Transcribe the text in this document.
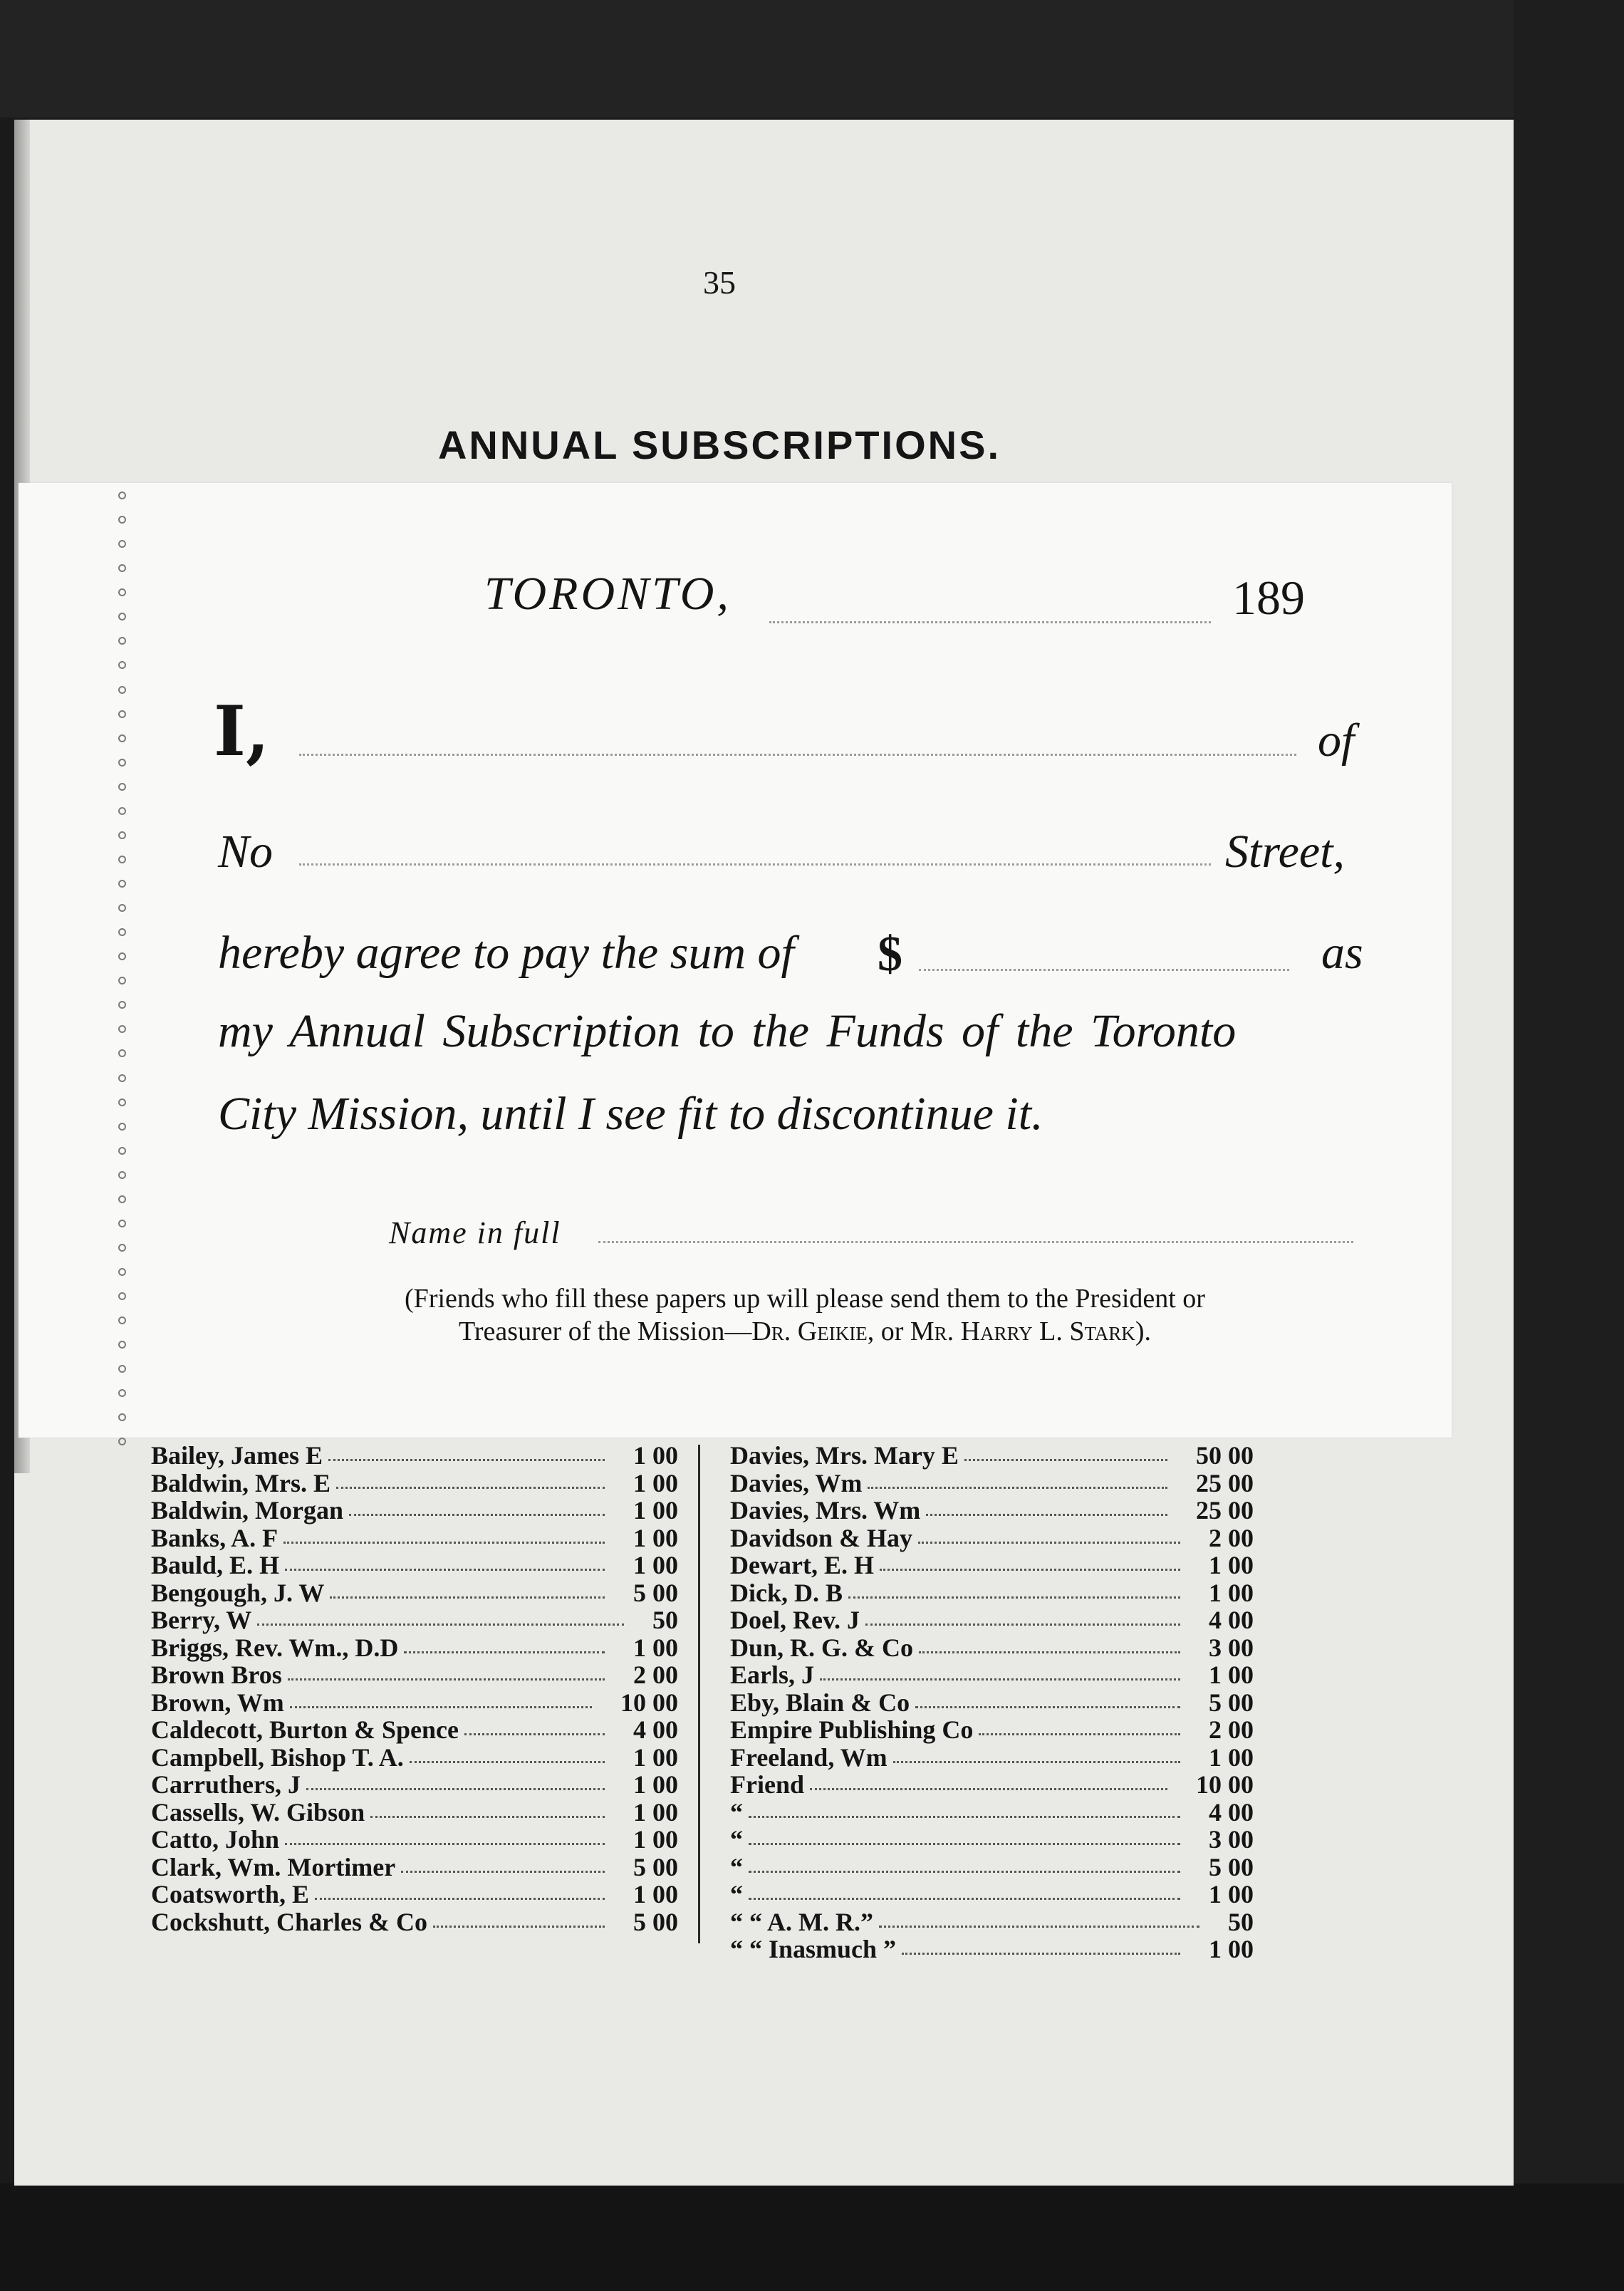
35
ANNUAL SUBSCRIPTIONS.
Bailey, James E	1 00
Baldwin, Mrs. E	1 00
Baldwin, Morgan	1 00
Banks, A. F	1 00
Bauld, E. H	1 00
Bengough, J. W	5 00
Berry, W	50
Briggs, Rev. Wm., D.D	1 00
Brown Bros	2 00
Brown, Wm	10 00
Caldecott, Burton & Spence	4 00
Campbell, Bishop T. A.	1 00
Carruthers, J	1 00
Cassells, W. Gibson	1 00
Catto, John	1 00
Clark, Wm. Mortimer	5 00
Coatsworth, E	1 00
Cockshutt, Charles & Co	5 00
Davies, Mrs. Mary E	50 00
Davies, Wm	25 00
Davies, Mrs. Wm	25 00
Davidson & Hay	2 00
Dewart, E. H	1 00
Dick, D. B	1 00
Doel, Rev. J	4 00
Dun, R. G. & Co	3 00
Earls, J	1 00
Eby, Blain & Co	5 00
Empire Publishing Co	2 00
Freeland, Wm	1 00
Friend	10 00
“	4 00
“	3 00
“	5 00
“	1 00
“ “ A. M. R.”	50
“ “ Inasmuch ”	1 00
TORONTO,	189
I,	of
No	Street,
hereby agree to pay the sum of $	as
my Annual Subscription to the Funds of the Toronto
City Mission, until I see fit to discontinue it.
Name in full
(Friends who fill these papers up will please send them to the President or
Treasurer of the Mission—Dr. Geikie, or Mr. Harry L. Stark).
